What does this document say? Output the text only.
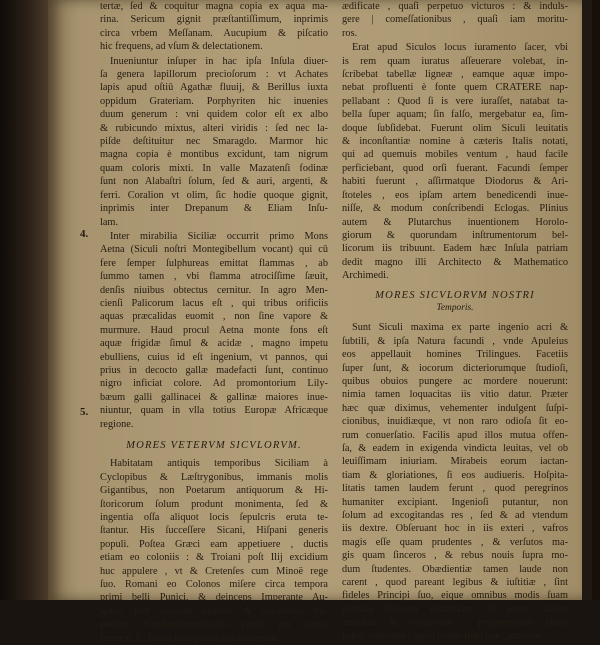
4.
5.
tertæ, ſed & coquitur magna copia ex aqua ma-
rina. Sericum gignit præſtantiſſimum, inprimis
circa vrbem Meſſanam. Aucupium & piſcatio
hic frequens, ad vſum & delectationem.
Inueniuntur inſuper in hac ipſa Inſula diuer-
ſa genera lapillorum precioſorum : vt Achates
lapis apud oſtiū Agathæ fluuij, & Berillus iuxta
oppidum Grateriam. Porphyriten hic inuenies
duum generum : vni quidem color eſt ex albo
& rubicundo mixtus, alteri viridis : ſed nec la-
piſde deſtituitur nec Smaragdo. Marmor hic
magna copia è montibus excidunt, tam nigrum
quam coloris mixti. In valle Mazatenſi fodinæ
ſunt non Alabaſtri ſolum, ſed & auri, argenti, &
ferri. Coralion vt olim, ſic hodie quoque gignit,
inprimis inter Drepanum & Eliam Inſu-
lam.
Inter mirabilia Siciliæ occurrit primo Mons
Aetna (Siculi noſtri Montegibellum vocant) qui cū
fere ſemper ſulphureas emittat flammas , ab
ſummo tamen , vbi flamma atrociſſime ſæuit,
denſis niuibus obtectus cernitur. In agro Men-
cienſi Palicorum lacus eſt , qui tribus orificiis
aquas præcalidas euomit , non ſine vapore &
murmure. Haud procul Aetna monte fons eſt
aquæ frigidæ ſimul & acidæ , magno impetu
ebulliens, cuius id eſt ingenium, vt pannos, qui
prius in decocto gallæ madefacti ſunt, continuo
nigro inficiat colore. Ad promontorium Lily-
bæum galli gallinacei & gallinæ maiores inue-
niuntur, quam in vlla totius Europæ Africæque
regione.
MORES VETERVM SICVLORVM.
Habitatam antiquis temporibus Siciliam à
Cyclopibus & Læſtrygonibus, immanis molis
Gigantibus, non Poetarum antiquorum & Hi-
ſtoricorum ſolum produnt monimenta, ſed &
ingentia oſſa aliquot locis ſepulcris eruta te-
ſtantur. His ſucceſſere Sicani, Hiſpani generis
populi. Poſtea Græci eam appetiuere , ductis
etiam eo coloniis : & Troiani poſt Ilij excidium
huc appulere , vt & Cretenſes cum Minoë rege
ſuo. Romani eo Colonos miſere circa tempora
primi belli Punici, & deinceps Imperante Au-
guſto. Poſt diuiſum orientis & occidentis Im-
perium, Conſtantinopolitanis paruit per annos
ferme C C. Gothi eam poſtea occupauerunt.
ædificate , quaſi perpetuo victuros : & induls-
gere | comeſſationibus , quaſi iam moritu-
ros.
Erat apud Siculos locus iuramento ſacer, vbi
is rem quam iuratus aſſeuerare volebat, in-
ſcribebat tabellæ ligneæ , eamque aquæ impo-
nebat profluenti è fonte quem CRATERE nap-
pellabant : Quod ſi is vere iuraſſet, natabat ta-
bella ſuper aquam; ſin falſo, mergebatur ea, ſim-
doque ſubſidebat. Fuerunt olim Siculi leuitatis
& inconſtantiæ nomine à cæteris Italis notati,
qui ad quemuis mobiles ventum , haud facile
perficiebant, quod orſi fuerant. Facundi ſemper
habiti fuerunt , aſſirmatque Diodorus & Ari-
ſtoteles , eos ipſam artem benedicendi inue-
niſſe, & modum conſcribendi Eclogas. Plinius
autem & Plutarchus inuentionem Horolo-
giorum & quorundam inſtrumentorum bel-
licorum iis tribuunt. Eadem hæc Inſula patriam
dedit magno illi Architecto & Mathematico
Archimedi.
MORES SICVLORVM NOSTRI
Temporis.
Sunt Siculi maxima ex parte ingenio acri &
ſubtili, & ipſa Natura facundi , vnde Apuleius
eos appellauit homines Trilingues. Facetiis
ſuper ſunt, & iocorum dicteriorumque ſtudioſi,
quibus obuios pungere ac mordere nouerunt:
nimia tamen loquacitas iis vitio datur. Præter
hæc quæ diximus, vehementer indulgent ſuſpi-
cionibus, inuidiæque, vt non raro odioſa ſit eo-
rum conuerſatio. Facilis apud illos mutua offen-
ſa, & eadem in exigenda vindicta leuitas, vel ob
leuiſſimam iniuriam. Mirabeis eorum iactan-
tiam & gloriationes, ſi eos audiueris. Hoſpita-
litatis tamen laudem ferunt , quod peregrinos
humaniter excipiant. Ingenioſi putantur, non
ſolum ad excogitandas res , ſed & ad vtendum
iis dextre. Obſeruant hoc in iis exteri , vafros
magis eſſe quam prudentes , & verſutos ma-
gis quam ſinceros , & rebus nouis ſupra mo-
dum ſtudentes. Obædientiæ tamen laude non
carent , quod pareant legibus & iuſtitiæ , ſint
fideles Principi ſuo, eique omnibus modis ſuam
probare ſtudeant induſtriam. In primo calore
amicitiæ & congreſſus , propemodum nimis
habiti cenſentur , quod ſtatim fidei ſuæ , attamen
